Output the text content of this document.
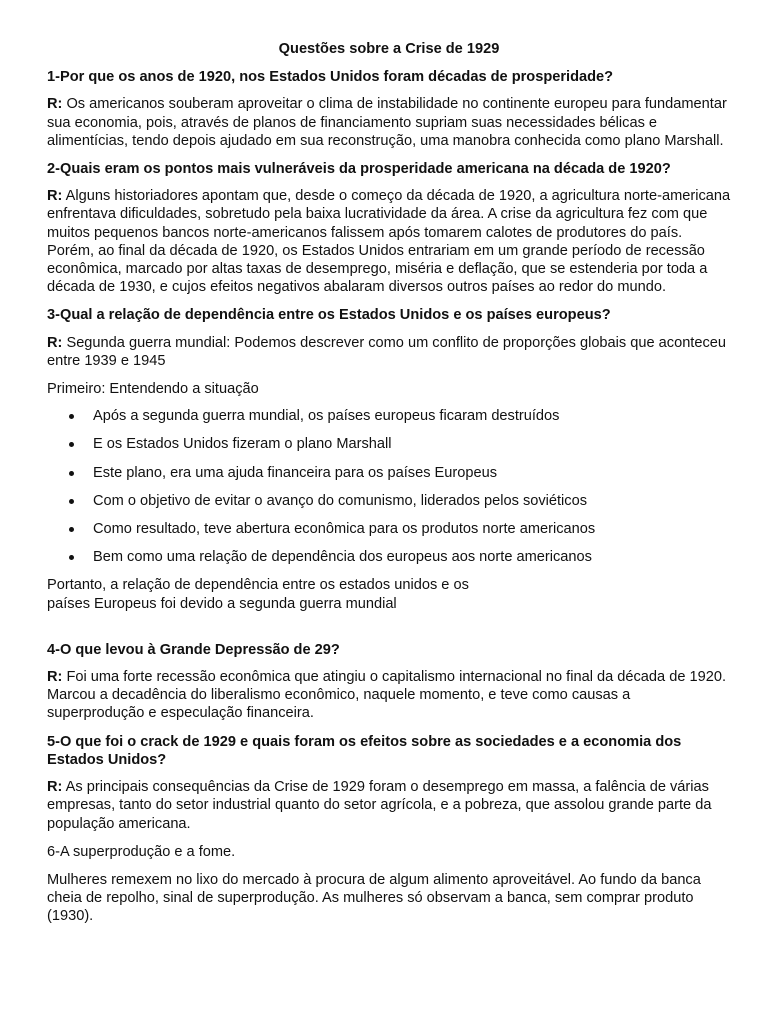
Questões sobre a Crise de 1929

1-Por que os anos de 1920, nos Estados Unidos foram décadas de prosperidade?

R: Os americanos souberam aproveitar o clima de instabilidade no continente europeu para fundamentar sua economia, pois, através de planos de financiamento supriam suas necessidades bélicas e alimentícias, tendo depois ajudado em sua reconstrução, uma manobra conhecida como plano Marshall.

2-Quais eram os pontos mais vulneráveis da prosperidade americana na década de 1920?

R: Alguns historiadores apontam que, desde o começo da década de 1920, a agricultura norte-americana enfrentava dificuldades, sobretudo pela baixa lucratividade da área. A crise da agricultura fez com que muitos pequenos bancos norte-americanos falissem após tomarem calotes de produtores do país. Porém, ao final da década de 1920, os Estados Unidos entrariam em um grande período de recessão econômica, marcado por altas taxas de desemprego, miséria e deflação, que se estenderia por toda a década de 1930, e cujos efeitos negativos abalaram diversos outros países ao redor do mundo.

3-Qual a relação de dependência entre os Estados Unidos e os países europeus?

R: Segunda guerra mundial: Podemos descrever como um conflito de proporções globais que aconteceu entre 1939 e 1945

Primeiro: Entendendo a situação

Após a segunda guerra mundial, os países europeus ficaram destruídos
E os Estados Unidos fizeram o plano Marshall
Este plano, era uma ajuda financeira para os países Europeus
Com o objetivo de evitar o avanço do comunismo, liderados pelos soviéticos
Como resultado, teve abertura econômica para os produtos norte americanos
Bem como uma relação de dependência dos europeus aos norte americanos

Portanto, a relação de dependência entre os estados unidos e os

países Europeus foi devido a segunda guerra mundial

4-O que levou à Grande Depressão de 29?

R: Foi uma forte recessão econômica que atingiu o capitalismo internacional no final da década de 1920. Marcou a decadência do liberalismo econômico, naquele momento, e teve como causas a superprodução e especulação financeira.

5-O que foi o crack de 1929 e quais foram os efeitos sobre as sociedades e a economia dos Estados Unidos?

R: As principais consequências da Crise de 1929 foram o desemprego em massa, a falência de várias empresas, tanto do setor industrial quanto do setor agrícola, e a pobreza, que assolou grande parte da população americana.

6-A superprodução e a fome.

Mulheres remexem no lixo do mercado à procura de algum alimento aproveitável. Ao fundo da banca cheia de repolho, sinal de superprodução. As mulheres só observam a banca, sem comprar produto (1930).
